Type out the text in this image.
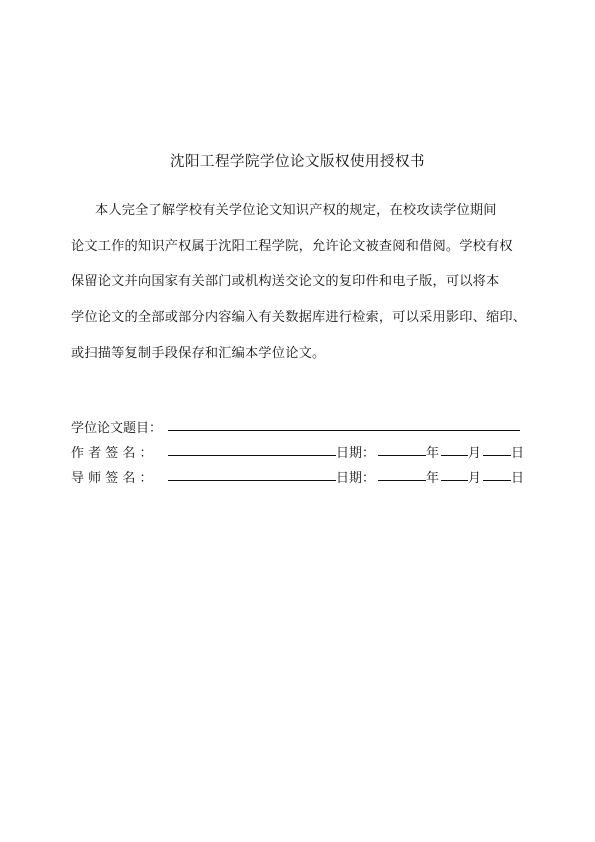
沈阳工程学院学位论文版权使用授权书
本人完全了解学校有关学位论文知识产权的规定，在校攻读学位期间
论文工作的知识产权属于沈阳工程学院，允许论文被查阅和借阅。学校有权
保留论文并向国家有关部门或机构送交论文的复印件和电子版，可以将本
学位论文的全部或部分内容编入有关数据库进行检索，可以采用影印、缩印、
或扫描等复制手段保存和汇编本学位论文。
学位论文题目：
作 者 签 名 ：	日期：	年 月 日
导 师 签 名 ：	日期：	年 月 日
